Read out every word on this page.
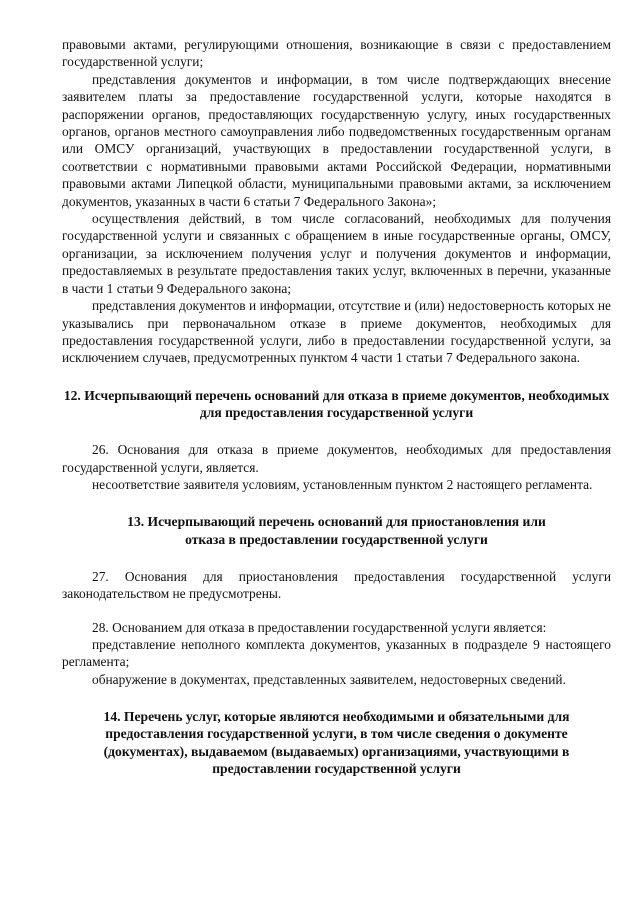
правовыми актами, регулирующими отношения, возникающие в связи с предоставлением государственной услуги;

представления документов и информации, в том числе подтверждающих внесение заявителем платы за предоставление государственной услуги, которые находятся в распоряжении органов, предоставляющих государственную услугу, иных государственных органов, органов местного самоуправления либо подведомственных государственным органам или ОМСУ организаций, участвующих в предоставлении государственной услуги, в соответствии с нормативными правовыми актами Российской Федерации, нормативными правовыми актами Липецкой области, муниципальными правовыми актами, за исключением документов, указанных в части 6 статьи 7 Федерального Закона»;

осуществления действий, в том числе согласований, необходимых для получения государственной услуги и связанных с обращением в иные государственные органы, ОМСУ, организации, за исключением получения услуг и получения документов и информации, предоставляемых в результате предоставления таких услуг, включенных в перечни, указанные в части 1 статьи 9 Федерального закона;

представления документов и информации, отсутствие и (или) недостоверность которых не указывались при первоначальном отказе в приеме документов, необходимых для предоставления государственной услуги, либо в предоставлении государственной услуги, за исключением случаев, предусмотренных пунктом 4 части 1 статьи 7 Федерального закона.

12. Исчерпывающий перечень оснований для отказа в приеме документов, необходимых для предоставления государственной услуги

26. Основания для отказа в приеме документов, необходимых для предоставления государственной услуги, является.

несоответствие заявителя условиям, установленным пунктом 2 настоящего регламента.

13. Исчерпывающий перечень оснований для приостановления или
отказа в предоставлении государственной услуги

27. Основания для приостановления предоставления государственной услуги законодательством не предусмотрены.

28. Основанием для отказа в предоставлении государственной услуги является:

представление неполного комплекта документов, указанных в подразделе 9 настоящего регламента;

обнаружение в документах, представленных заявителем, недостоверных сведений.

14. Перечень услуг, которые являются необходимыми и обязательными для предоставления государственной услуги, в том числе сведения о документе (документах), выдаваемом (выдаваемых) организациями, участвующими в предоставлении государственной услуги
